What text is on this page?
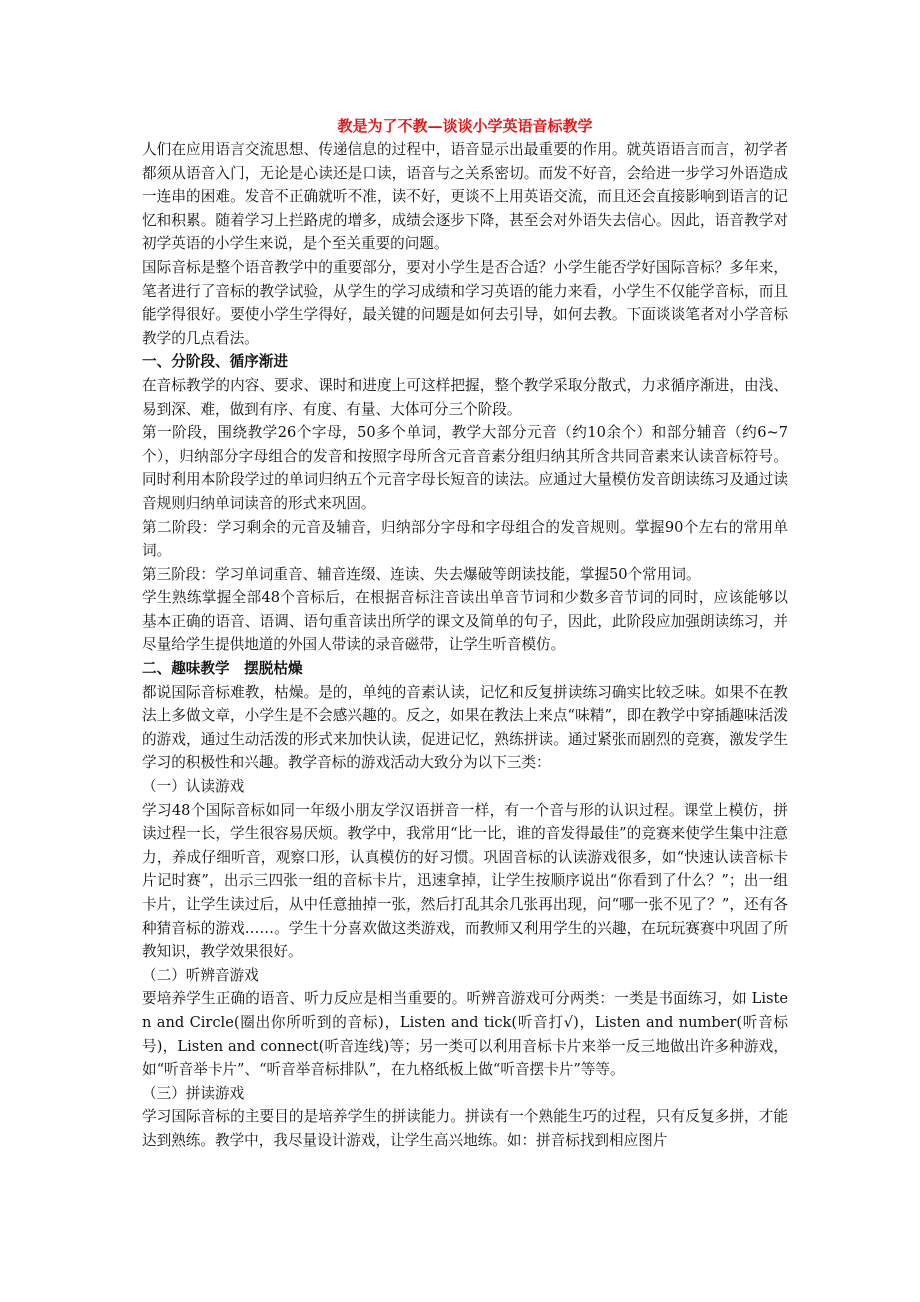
教是为了不教—谈谈小学英语音标教学

人们在应用语言交流思想、传递信息的过程中，语音显示出最重要的作用。就英语语言而言，初学者都须从语音入门，无论是心读还是口读，语音与之关系密切。而发不好音，会给进一步学习外语造成一连串的困难。发音不正确就听不准，读不好，更谈不上用英语交流，而且还会直接影响到语言的记忆和积累。随着学习上拦路虎的增多，成绩会逐步下降，甚至会对外语失去信心。因此，语音教学对初学英语的小学生来说，是个至关重要的问题。

国际音标是整个语音教学中的重要部分，要对小学生是否合适？小学生能否学好国际音标？多年来，笔者进行了音标的教学试验，从学生的学习成绩和学习英语的能力来看，小学生不仅能学音标，而且能学得很好。要使小学生学得好，最关键的问题是如何去引导，如何去教。下面谈谈笔者对小学音标教学的几点看法。

一、分阶段、循序渐进

在音标教学的内容、要求、课时和进度上可这样把握，整个教学采取分散式，力求循序渐进，由浅、易到深、难，做到有序、有度、有量、大体可分三个阶段。

第一阶段，围绕教学26个字母，50多个单词，教学大部分元音（约10余个）和部分辅音（约6~7个），归纳部分字母组合的发音和按照字母所含元音音素分组归纳其所含共同音素来认读音标符号。同时利用本阶段学过的单词归纳五个元音字母长短音的读法。应通过大量模仿发音朗读练习及通过读音规则归纳单词读音的形式来巩固。

第二阶段：学习剩余的元音及辅音，归纳部分字母和字母组合的发音规则。掌握90个左右的常用单词。

第三阶段：学习单词重音、辅音连缀、连读、失去爆破等朗读技能，掌握50个常用词。

学生熟练掌握全部48个音标后，在根据音标注音读出单音节词和少数多音节词的同时，应该能够以基本正确的语音、语调、语句重音读出所学的课文及简单的句子，因此，此阶段应加强朗读练习，并尽量给学生提供地道的外国人带读的录音磁带，让学生听音模仿。

二、趣味教学　摆脱枯燥

都说国际音标难教，枯燥。是的，单纯的音素认读，记忆和反复拼读练习确实比较乏味。如果不在教法上多做文章，小学生是不会感兴趣的。反之，如果在教法上来点“味精”，即在教学中穿插趣味活泼的游戏，通过生动活泼的形式来加快认读，促进记忆，熟练拼读。通过紧张而剧烈的竞赛，激发学生学习的积极性和兴趣。教学音标的游戏活动大致分为以下三类：

（一）认读游戏

学习48个国际音标如同一年级小朋友学汉语拼音一样，有一个音与形的认识过程。课堂上模仿，拼读过程一长，学生很容易厌烦。教学中，我常用“比一比，谁的音发得最佳”的竞赛来使学生集中注意力，养成仔细听音，观察口形，认真模仿的好习惯。巩固音标的认读游戏很多，如“快速认读音标卡片记时赛”，出示三四张一组的音标卡片，迅速拿掉，让学生按顺序说出“你看到了什么？”；出一组卡片，让学生读过后，从中任意抽掉一张，然后打乱其余几张再出现，问“哪一张不见了？”，还有各种猜音标的游戏……。学生十分喜欢做这类游戏，而教师又利用学生的兴趣，在玩玩赛赛中巩固了所教知识，教学效果很好。

（二）听辨音游戏

要培养学生正确的语音、听力反应是相当重要的。听辨音游戏可分两类：一类是书面练习，如 Listen and Circle(圈出你所听到的音标)，Listen and tick(听音打√)，Listen and number(听音标号)，Listen and connect(听音连线)等；另一类可以利用音标卡片来举一反三地做出许多种游戏，如“听音举卡片”、“听音举音标排队”，在九格纸板上做“听音摆卡片”等等。

（三）拼读游戏

学习国际音标的主要目的是培养学生的拼读能力。拼读有一个熟能生巧的过程，只有反复多拼，才能达到熟练。教学中，我尽量设计游戏，让学生高兴地练。如：拼音标找到相应图片
